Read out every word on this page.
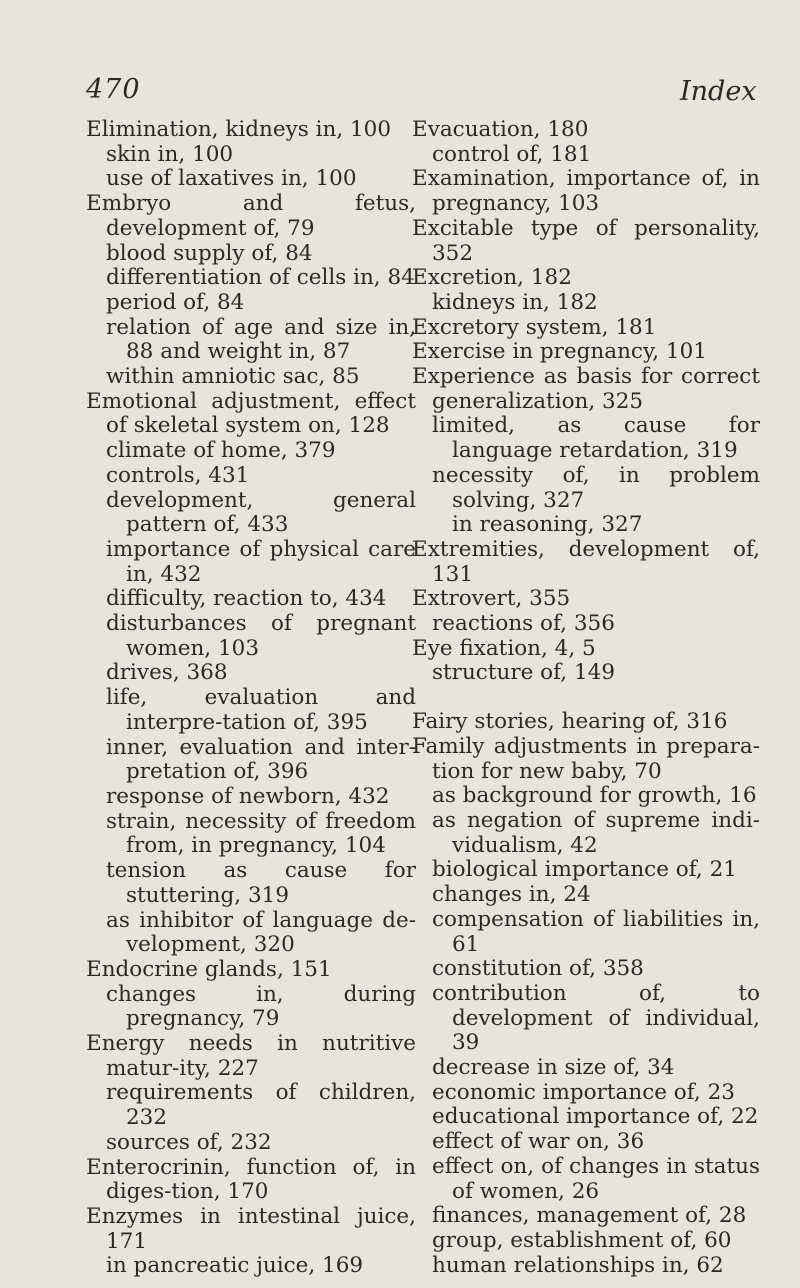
470	Index
Elimination, kidneys in, 100
skin in, 100
use of laxatives in, 100
Embryo and fetus, development of, 79
blood supply of, 84
differentiation of cells in, 84
period of, 84
relation of age and size in, 88 and weight in, 87
within amniotic sac, 85
Emotional adjustment, effect of skeletal system on, 128
climate of home, 379
controls, 431
development, general pattern of, 433
importance of physical care in, 432
difficulty, reaction to, 434
disturbances of pregnant women, 103
drives, 368
life, evaluation and interpre-tation of, 395
inner, evaluation and inter-pretation of, 396
response of newborn, 432
strain, necessity of freedom from, in pregnancy, 104
tension as cause for stuttering, 319
as inhibitor of language de-velopment, 320
Endocrine glands, 151
changes in, during pregnancy, 79
Energy needs in nutritive matur-ity, 227
requirements of children, 232
sources of, 232
Enterocrinin, function of, in diges-tion, 170
Enzymes in intestinal juice, 171
in pancreatic juice, 169
Evacuation, 180
control of, 181
Examination, importance of, in pregnancy, 103
Excitable type of personality, 352
Excretion, 182
kidneys in, 182
Excretory system, 181
Exercise in pregnancy, 101
Experience as basis for correct generalization, 325
limited, as cause for language retardation, 319
necessity of, in problem solving, 327
in reasoning, 327
Extremities, development of, 131
Extrovert, 355
reactions of, 356
Eye fixation, 4, 5
structure of, 149
Fairy stories, hearing of, 316
Family adjustments in prepara-tion for new baby, 70
as background for growth, 16
as negation of supreme indi-vidualism, 42
biological importance of, 21
changes in, 24
compensation of liabilities in, 61
constitution of, 358
contribution of, to development of individual, 39
decrease in size of, 34
economic importance of, 23
educational importance of, 22
effect of war on, 36
effect on, of changes in status of women, 26
finances, management of, 28
group, establishment of, 60
human relationships in, 62
